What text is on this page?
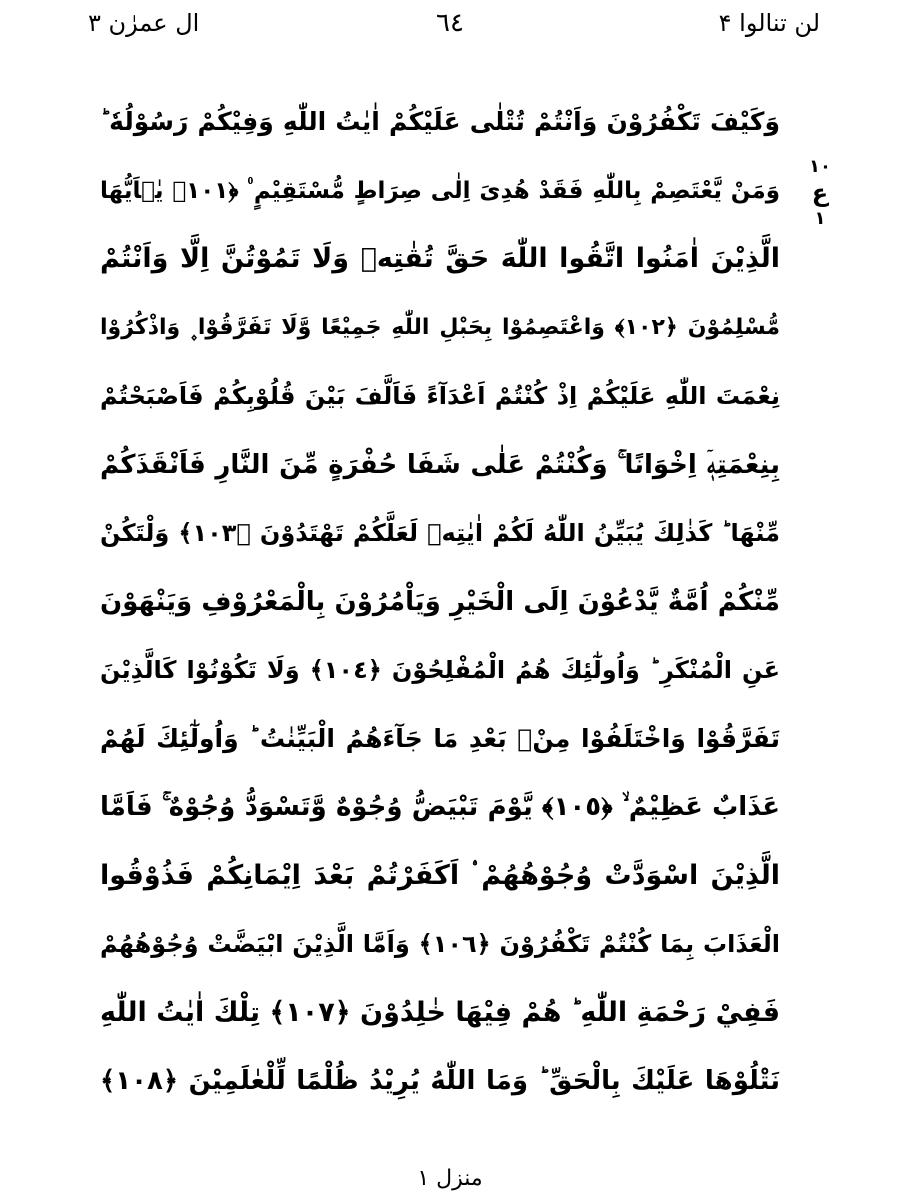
لن تنالوا ۴
٦٤
ال عمرٰن ۳
١٠
ع
١
وَكَيْفَ تَكْفُرُوْنَ وَاَنْتُمْ تُتْلٰى عَلَيْكُمْ اٰيٰتُ اللّٰهِ وَفِيْكُمْ رَسُوْلُهٗ ؕ
وَمَنْ يَّعْتَصِمْ بِاللّٰهِ فَقَدْ هُدِىَ اِلٰى صِرَاطٍ مُّسْتَقِيْمٍ ۠ ﴿١٠١﴾ يٰۤاَيُّهَا
الَّذِيْنَ اٰمَنُوا اتَّقُوا اللّٰهَ حَقَّ تُقٰتِهٖ وَلَا تَمُوْتُنَّ اِلَّا وَاَنْتُمْ
مُّسْلِمُوْنَ ﴿١٠٢﴾ وَاعْتَصِمُوْا بِحَبْلِ اللّٰهِ جَمِيْعًا وَّلَا تَفَرَّقُوْا ۪ وَاذْكُرُوْا
نِعْمَتَ اللّٰهِ عَلَيْكُمْ اِذْ كُنْتُمْ اَعْدَآءً فَاَلَّفَ بَيْنَ قُلُوْبِكُمْ فَاَصْبَحْتُمْ
بِنِعْمَتِهٖۤ اِخْوَانًا ۚ وَكُنْتُمْ عَلٰى شَفَا حُفْرَةٍ مِّنَ النَّارِ فَاَنْقَذَكُمْ
مِّنْهَا ؕ كَذٰلِكَ يُبَيِّنُ اللّٰهُ لَكُمْ اٰيٰتِهٖ لَعَلَّكُمْ تَهْتَدُوْنَ ﴿١٠٣﴾ وَلْتَكُنْ
مِّنْكُمْ اُمَّةٌ يَّدْعُوْنَ اِلَى الْخَيْرِ وَيَاْمُرُوْنَ بِالْمَعْرُوْفِ وَيَنْهَوْنَ
عَنِ الْمُنْكَرِ ؕ وَاُولٰٓئِكَ هُمُ الْمُفْلِحُوْنَ ﴿١٠٤﴾ وَلَا تَكُوْنُوْا كَالَّذِيْنَ
تَفَرَّقُوْا وَاخْتَلَفُوْا مِنْۢ بَعْدِ مَا جَآءَهُمُ الْبَيِّنٰتُ ؕ وَاُولٰٓئِكَ لَهُمْ
عَذَابٌ عَظِيْمٌ ۙ ﴿١٠٥﴾ يَّوْمَ تَبْيَضُّ وُجُوْهٌ وَّتَسْوَدُّ وُجُوْهٌ ۚ فَاَمَّا
الَّذِيْنَ اسْوَدَّتْ وُجُوْهُهُمْ ۟ اَكَفَرْتُمْ بَعْدَ اِيْمَانِكُمْ فَذُوْقُوا
الْعَذَابَ بِمَا كُنْتُمْ تَكْفُرُوْنَ ﴿١٠٦﴾ وَاَمَّا الَّذِيْنَ ابْيَضَّتْ وُجُوْهُهُمْ
فَفِيْ رَحْمَةِ اللّٰهِ ؕ هُمْ فِيْهَا خٰلِدُوْنَ ﴿١٠٧﴾ تِلْكَ اٰيٰتُ اللّٰهِ
نَتْلُوْهَا عَلَيْكَ بِالْحَقِّ ؕ وَمَا اللّٰهُ يُرِيْدُ ظُلْمًا لِّلْعٰلَمِيْنَ ﴿١٠٨﴾
منزل ۱
